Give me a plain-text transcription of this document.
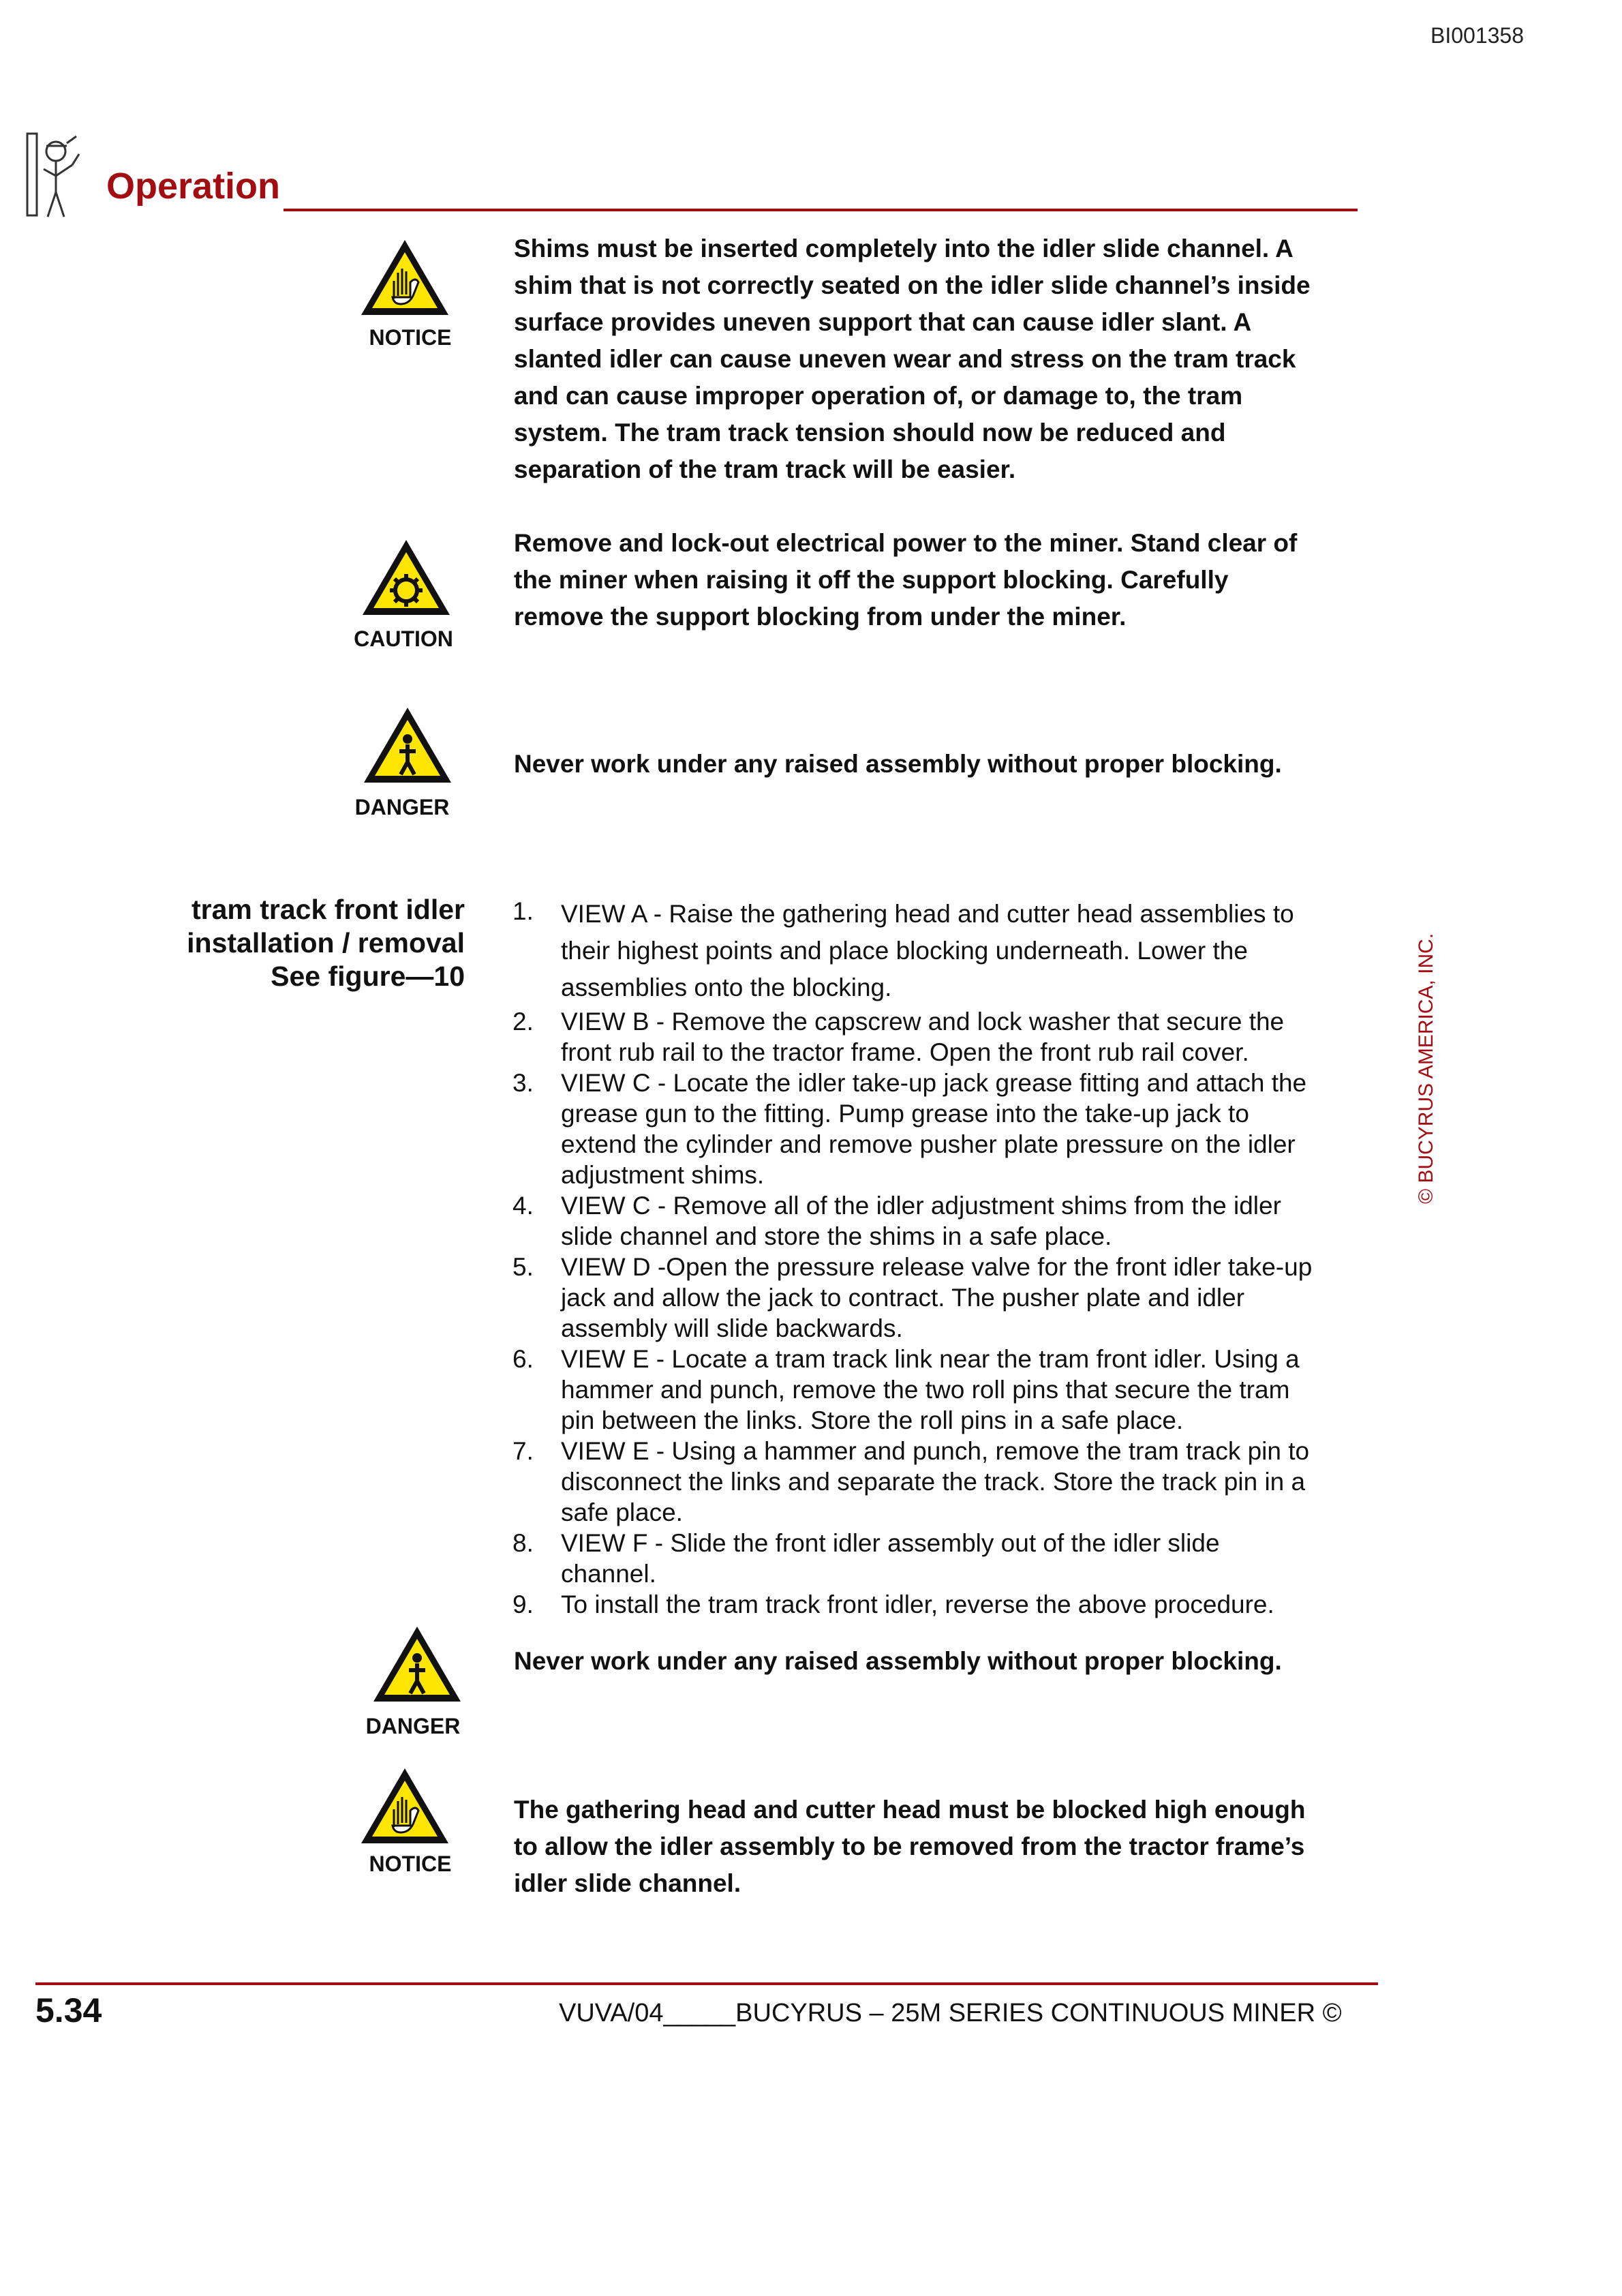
BI001358
Operation
NOTICE
Shims must be inserted completely into the idler slide channel. A
shim that is not correctly seated on the idler slide channel’s inside
surface provides uneven support that can cause idler slant. A
slanted idler can cause uneven wear and stress on the tram track
and can cause improper operation of, or damage to, the tram
system. The tram track tension should now be reduced and
separation of the tram track will be easier.
CAUTION
Remove and lock-out electrical power to the miner. Stand clear of
the miner when raising it off the support blocking. Carefully
remove the support blocking from under the miner.
DANGER
Never work under any raised assembly without proper blocking.
tram track front idler
installation / removal
See figure—10
1. VIEW A - Raise the gathering head and cutter head assemblies to
their highest points and place blocking underneath. Lower the
assemblies onto the blocking.
2. VIEW B - Remove the capscrew and lock washer that secure the
front rub rail to the tractor frame. Open the front rub rail cover.
3. VIEW C - Locate the idler take-up jack grease fitting and attach the
grease gun to the fitting. Pump grease into the take-up jack to
extend the cylinder and remove pusher plate pressure on the idler
adjustment shims.
4. VIEW C - Remove all of the idler adjustment shims from the idler
slide channel and store the shims in a safe place.
5. VIEW D -Open the pressure release valve for the front idler take-up
jack and allow the jack to contract. The pusher plate and idler
assembly will slide backwards.
6. VIEW E - Locate a tram track link near the tram front idler. Using a
hammer and punch, remove the two roll pins that secure the tram
pin between the links. Store the roll pins in a safe place.
7. VIEW E - Using a hammer and punch, remove the tram track pin to
disconnect the links and separate the track. Store the track pin in a
safe place.
8. VIEW F - Slide the front idler assembly out of the idler slide
channel.
9. To install the tram track front idler, reverse the above procedure.
DANGER
Never work under any raised assembly without proper blocking.
NOTICE
The gathering head and cutter head must be blocked high enough
to allow the idler assembly to be removed from the tractor frame’s
idler slide channel.
5.34	VUVA/04_____BUCYRUS – 25M SERIES CONTINUOUS MINER ©
© BUCYRUS AMERICA, INC.
